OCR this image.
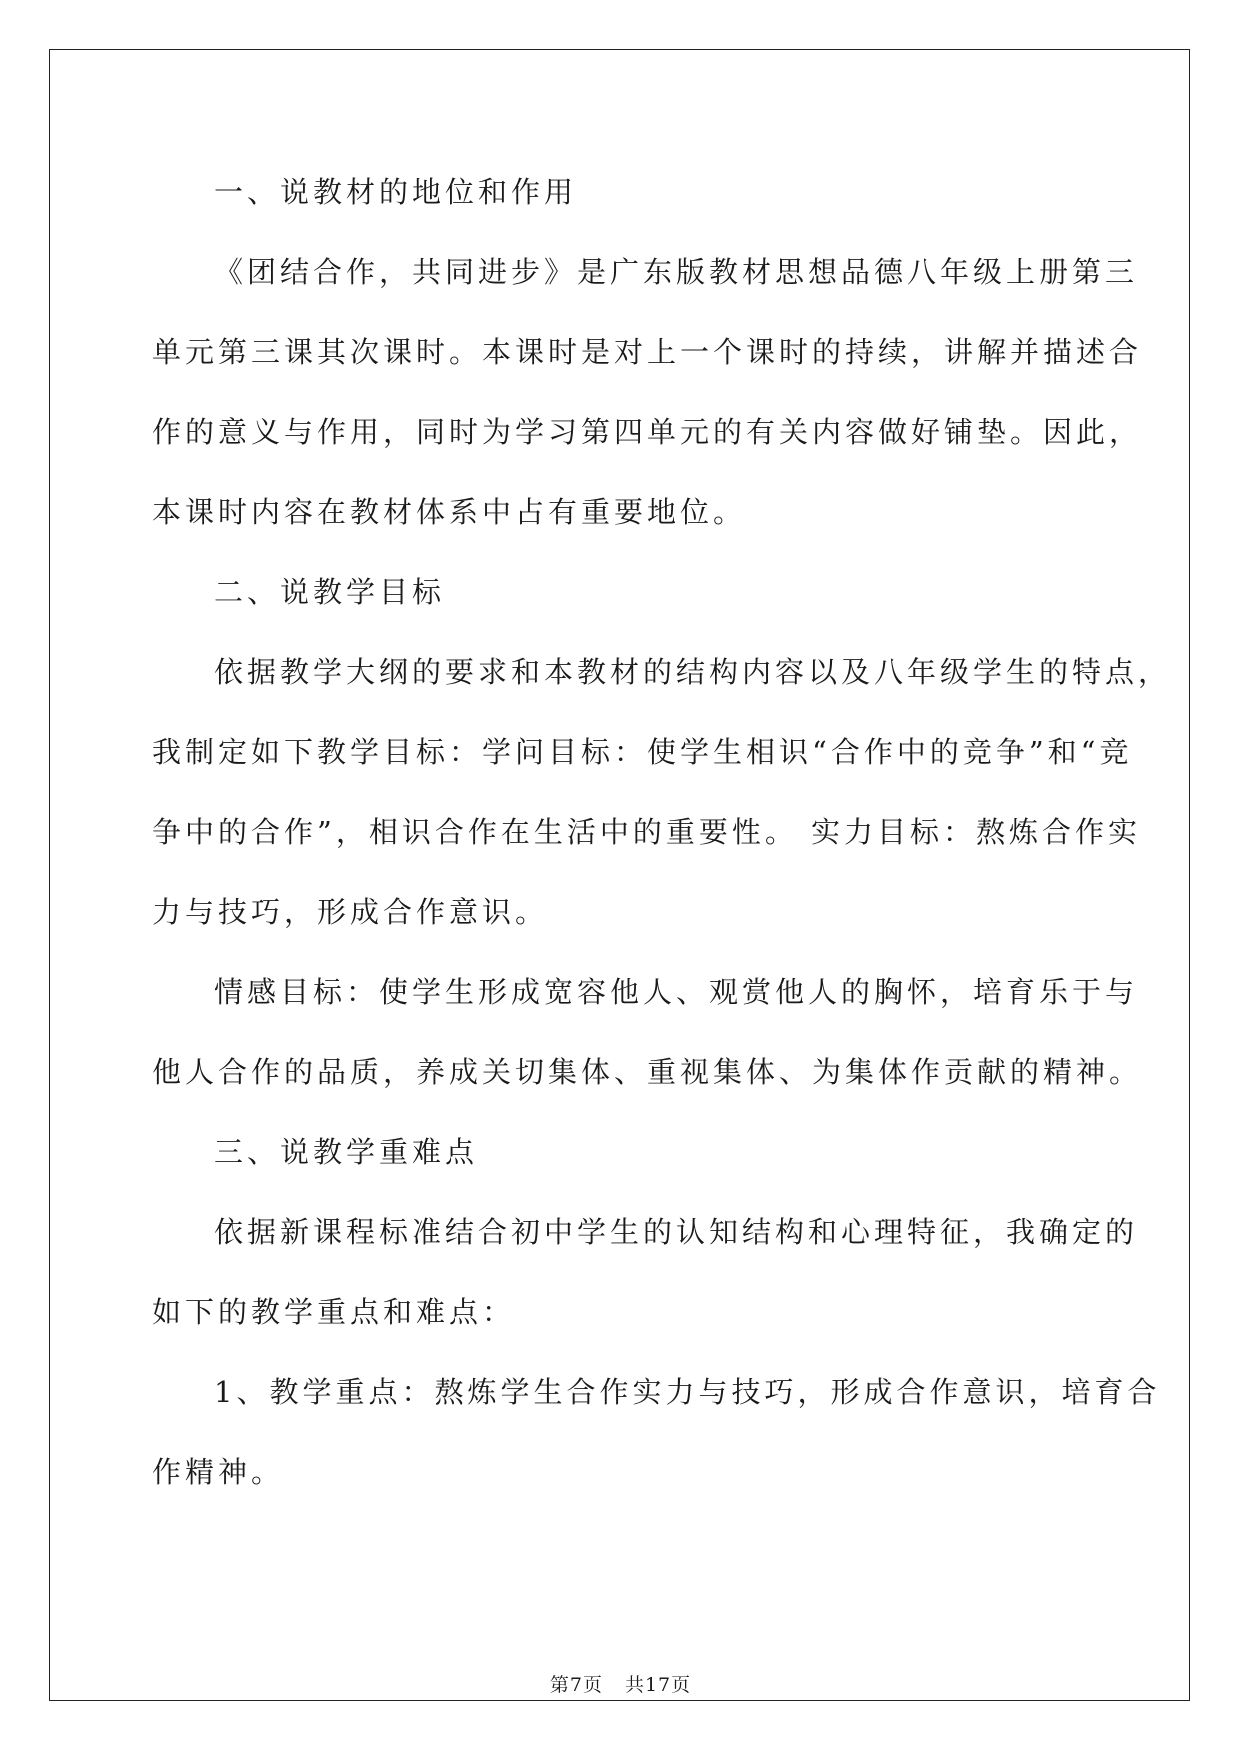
一、说教材的地位和作用
《团结合作，共同进步》是广东版教材思想品德八年级上册第三
单元第三课其次课时。本课时是对上一个课时的持续，讲解并描述合
作的意义与作用，同时为学习第四单元的有关内容做好铺垫。因此，
本课时内容在教材体系中占有重要地位。
二、说教学目标
依据教学大纲的要求和本教材的结构内容以及八年级学生的特点，
我制定如下教学目标：学问目标：使学生相识“合作中的竞争”和“竞
争中的合作”，相识合作在生活中的重要性。 实力目标：熬炼合作实
力与技巧，形成合作意识。
情感目标：使学生形成宽容他人、观赏他人的胸怀，培育乐于与
他人合作的品质，养成关切集体、重视集体、为集体作贡献的精神。
三、说教学重难点
依据新课程标准结合初中学生的认知结构和心理特征，我确定的
如下的教学重点和难点：
1、教学重点：熬炼学生合作实力与技巧，形成合作意识，培育合
作精神。
第7页 共17页
